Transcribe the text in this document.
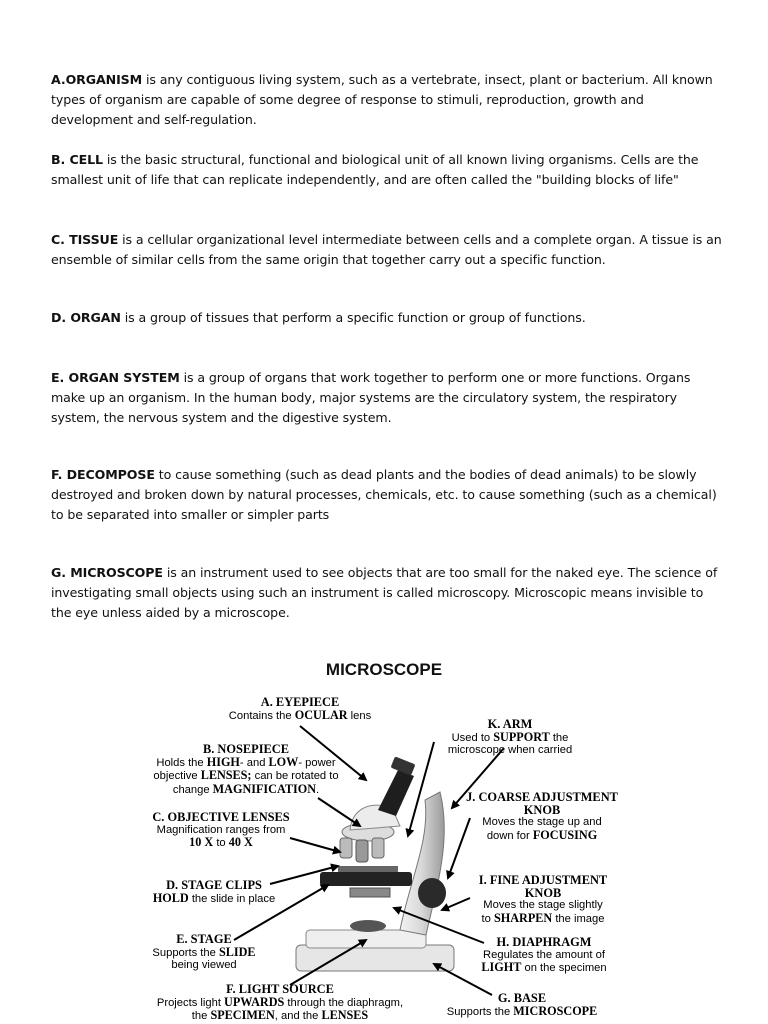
A.ORGANISM is any contiguous living system, such as a vertebrate, insect, plant or bacterium. All known types of organism are capable of some degree of response to stimuli, reproduction, growth and development and self-regulation.
B. CELL is the basic structural, functional and biological unit of all known living organisms. Cells are the smallest unit of life that can replicate independently, and are often called the "building blocks of life"
C. TISSUE is a cellular organizational level intermediate between cells and a complete organ. A tissue is an ensemble of similar cells from the same origin that together carry out a specific function.
D. ORGAN is a group of tissues that perform a specific function or group of functions.
E. ORGAN SYSTEM is a group of organs that work together to perform one or more functions. Organs make up an organism. In the human body, major systems are the circulatory system, the respiratory system, the nervous system and the digestive system.
F. DECOMPOSE to cause something (such as dead plants and the bodies of dead animals) to be slowly destroyed and broken down by natural processes, chemicals, etc. to cause something (such as a chemical) to be separated into smaller or simpler parts
G. MICROSCOPE is an instrument used to see objects that are too small for the naked eye. The science of investigating small objects using such an instrument is called microscopy. Microscopic means invisible to the eye unless aided by a microscope.
MICROSCOPE
A. EYEPIECE
Contains the OCULAR lens
B. NOSEPIECE
Holds the HIGH- and LOW- power
objective LENSES; can be rotated to
change MAGNIFICATION.
C. OBJECTIVE LENSES
Magnification ranges from
10 X to 40 X
D. STAGE CLIPS
HOLD the slide in place
E. STAGE
Supports the SLIDE
being viewed
F. LIGHT SOURCE
Projects light UPWARDS through the diaphragm,
the SPECIMEN, and the LENSES
G. BASE
Supports the MICROSCOPE
H. DIAPHRAGM
Regulates the amount of
LIGHT on the specimen
I. FINE ADJUSTMENT
KNOB
Moves the stage slightly
to SHARPEN the image
J. COARSE ADJUSTMENT
KNOB
Moves the stage up and
down for FOCUSING
K. ARM
Used to SUPPORT the
microscope when carried
